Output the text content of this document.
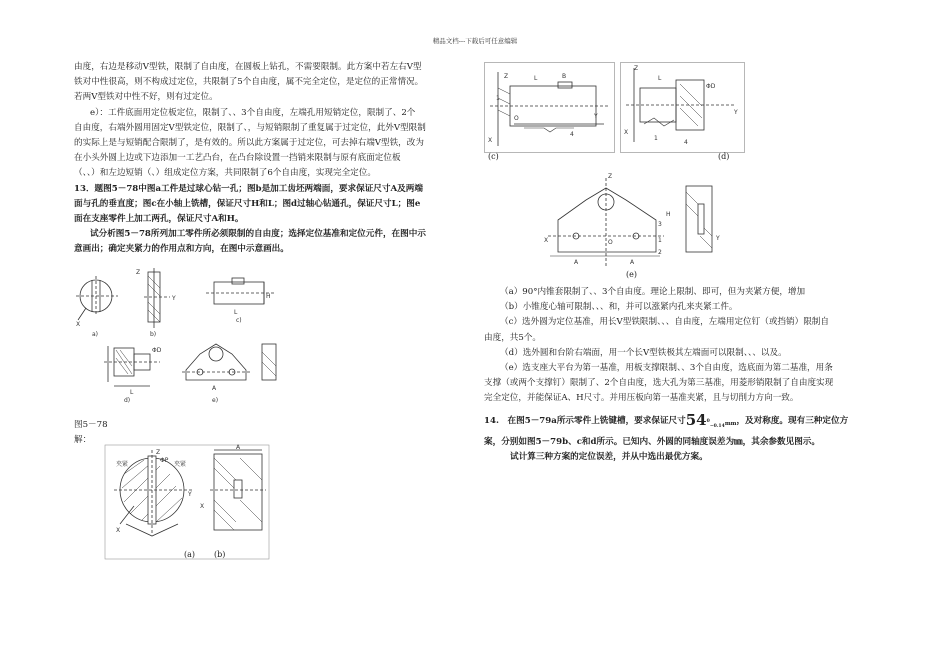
精品文档---下载后可任意编辑

由度，右边是移动V型铁，限制了自由度，在圆板上钻孔，不需要限制。此方案中若左右V型

铁对中性很高，则不构成过定位，共限制了5个自由度，属不完全定位，是定位的正常情况。

若两V型铁对中性不好，则有过定位。

e）：工件底面用定位板定位，限制了、、3个自由度，左端孔用短销定位，限制了、2个

自由度，右端外圆用固定V型铁定位，限制了、，与短销限制了重复属于过定位，此外V型限制

的实际上是与短销配合限制了，是有效的。所以此方案属于过定位，可去掉右端V型铁，改为

在小头外圆上边或下边添加一工艺凸台，在凸台除设置一挡销来限制与原有底面定位板

（、、）和左边短销（、）组成定位方案，共同限制了6个自由度，实现完全定位。

13．题图5－78中图a工件是过球心钻一孔；图b是加工齿坯两端面，要求保证尺寸A及两端

面与孔的垂直度；图c在小轴上铣槽，保证尺寸H和L；图d过轴心钻通孔，保证尺寸L；图e

面在支座零件上加工两孔，保证尺寸A和H。

试分析图5－78所列加工零件所必须限制的自由度；选择定位基准和定位元件，在图中示

意画出；确定夹紧力的作用点和方向，在图中示意画出。

a)	b)
c)
d)	e)
Z
Y
X
L
H
L
ΦD
A
图5－78
解：
夹紧	夹紧
Z
ΦP
Y
X
A
X
(a) (b)
Z	L	B
1
O
X
Y
4
Z
L
ΦD
X
Y
1
4
(c)	(d)
Z
X	O
A	A
1
2
3
H
Y
(e)

（a）90°内锥套限制了、、3个自由度。理论上限制、即可，但为夹紧方便，增加

（b）小锥度心轴可限制、、、和，并可以涨紧内孔来夹紧工件。

（c）选外圆为定位基准，用长V型铁限制、、、自由度，左端用定位钉（或挡销）限制自

由度，共5个。

（d）选外圆和台阶右端面，用一个长V型铁极其左端面可以限制、、、以及。

（e）选支座大平台为第一基准，用板支撑限制、、3个自由度，选底面为第二基准，用条

支撑（或两个支撑钉）限制了、2个自由度，选大孔为第三基准，用菱形销限制了自由度实现

完全定位，并能保证A、H尺寸。并用压板向第一基准夹紧，且与切削力方向一致。

14.　在图5－79a所示零件上铣键槽，要求保证尺寸$54^0_{-0.14}mm$，及对称度。现有三种定位方

案，分别如图5－79b、c和d所示。已知内、外圆的同轴度误差为㎜，其余参数见图示。

试计算三种方案的定位误差，并从中选出最优方案。
